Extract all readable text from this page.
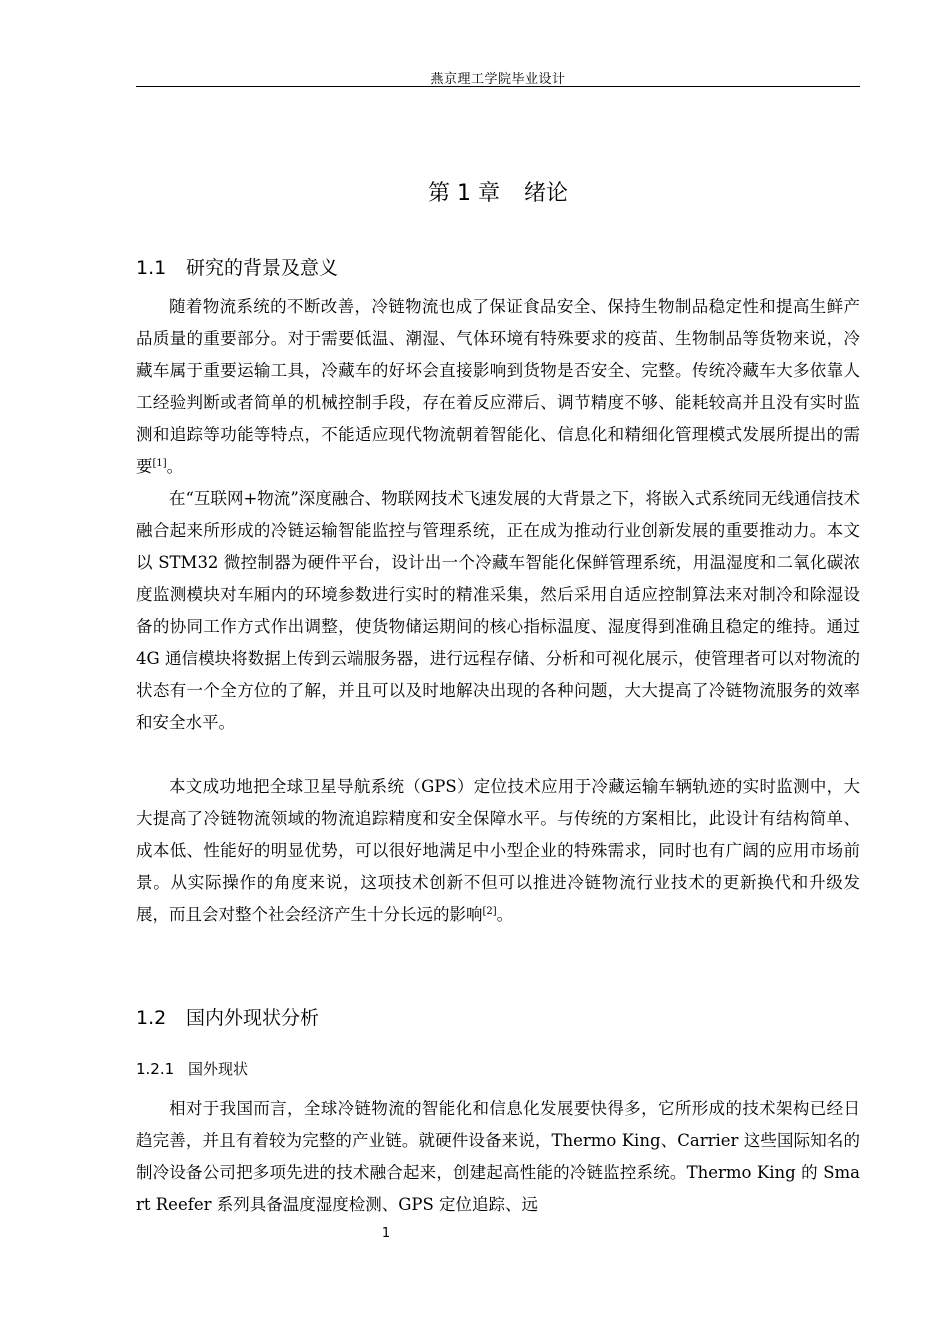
燕京理工学院毕业设计
第 1 章 绪论
1.1 研究的背景及意义
随着物流系统的不断改善，冷链物流也成了保证食品安全、保持生物制品稳定性和提高生鲜产品质量的重要部分。对于需要低温、潮湿、气体环境有特殊要求的疫苗、生物制品等货物来说，冷藏车属于重要运输工具，冷藏车的好坏会直接影响到货物是否安全、完整。传统冷藏车大多依靠人工经验判断或者简单的机械控制手段，存在着反应滞后、调节精度不够、能耗较高并且没有实时监测和追踪等功能等特点，不能适应现代物流朝着智能化、信息化和精细化管理模式发展所提出的需要[1]。
在“互联网+物流”深度融合、物联网技术飞速发展的大背景之下，将嵌入式系统同无线通信技术融合起来所形成的冷链运输智能监控与管理系统，正在成为推动行业创新发展的重要推动力。本文以 STM32 微控制器为硬件平台，设计出一个冷藏车智能化保鲜管理系统，用温湿度和二氧化碳浓度监测模块对车厢内的环境参数进行实时的精准采集，然后采用自适应控制算法来对制冷和除湿设备的协同工作方式作出调整，使货物储运期间的核心指标温度、湿度得到准确且稳定的维持。通过 4G 通信模块将数据上传到云端服务器，进行远程存储、分析和可视化展示，使管理者可以对物流的状态有一个全方位的了解，并且可以及时地解决出现的各种问题，大大提高了冷链物流服务的效率和安全水平。
本文成功地把全球卫星导航系统（GPS）定位技术应用于冷藏运输车辆轨迹的实时监测中，大大提高了冷链物流领域的物流追踪精度和安全保障水平。与传统的方案相比，此设计有结构简单、成本低、性能好的明显优势，可以很好地满足中小型企业的特殊需求，同时也有广阔的应用市场前景。从实际操作的角度来说，这项技术创新不但可以推进冷链物流行业技术的更新换代和升级发展，而且会对整个社会经济产生十分长远的影响[2]。
1.2 国内外现状分析
1.2.1 国外现状
相对于我国而言，全球冷链物流的智能化和信息化发展要快得多，它所形成的技术架构已经日趋完善，并且有着较为完整的产业链。就硬件设备来说，Thermo King、Carrier 这些国际知名的制冷设备公司把多项先进的技术融合起来，创建起高性能的冷链监控系统。Thermo King 的 Smart Reefer 系列具备温度湿度检测、GPS 定位追踪、远
1
